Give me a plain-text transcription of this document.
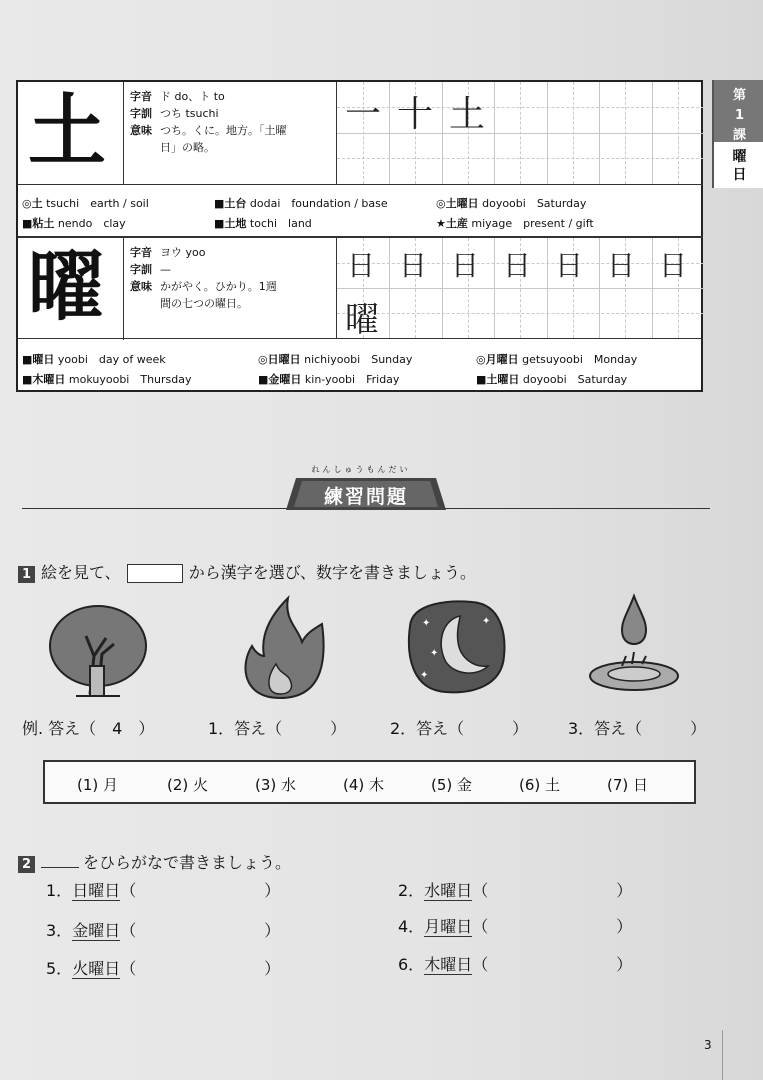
第
1
課
曜
日
土 字音 ド do、ト to
字訓 つち tsuchi
意味 つち。くに。地方。「土曜
日」の略。
一 十 土
◎土 tsuchi　earth / soil	■土台 dodai　foundation / base	◎土曜日 doyoobi　Saturday
■粘土 nendo　clay	■土地 tochi　land	★土産 miyage　present / gift
曜 字音 ヨウ yoo
字訓 —
意味 かがやく。ひかり。1週
間の七つの曜日。
日 日 日 日 日 日 日
曜
■曜日 yoobi　day of week	◎日曜日 nichiyoobi　Sunday	◎月曜日 getsuyoobi　Monday
■木曜日 mokuyoobi　Thursday	■金曜日 kin-yoobi　Friday	■土曜日 doyoobi　Saturday
れんしゅうもんだい
練習問題
1 絵を見て、	から漢字を選び、数字を書きましょう。
✦
✦
✦
✦
例. 答え（　4　）	1．答え（　　　）	2．答え（　　　） 3．答え（　　　）
(1) 月	(2) 火	(3) 水	(4) 木	(5) 金	(6) 土	(7) 日
2	をひらがなで書きましょう。
1．日曜日（　　　　　　　　）	2．水曜日（　　　　　　　　）
3．金曜日（　　　　　　　　）	4．月曜日（　　　　　　　　）
5．火曜日（　　　　　　　　）	6．木曜日（　　　　　　　　）
3
